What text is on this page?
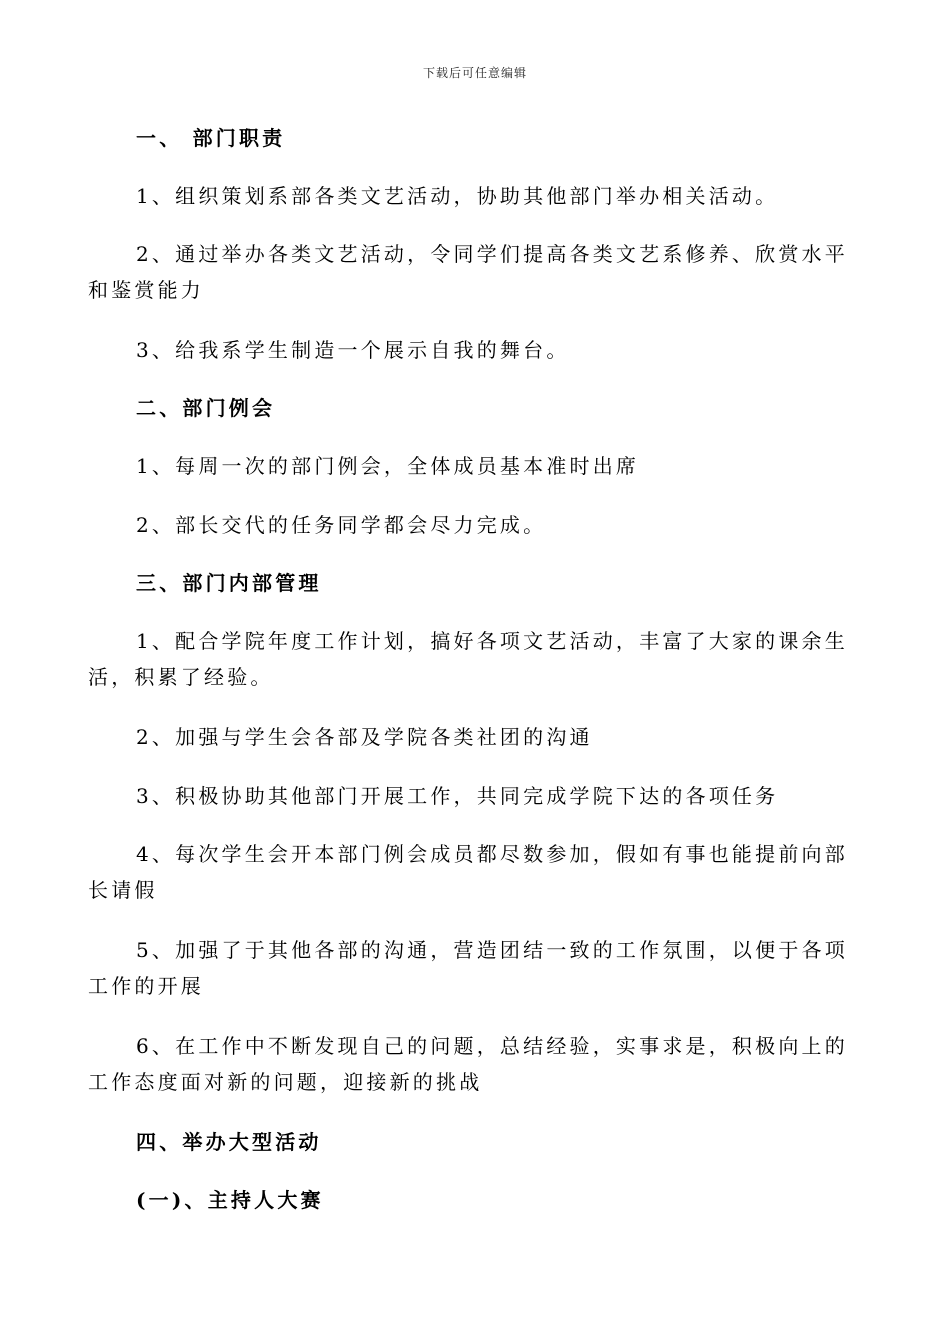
下载后可任意编辑

一、 部门职责

1、组织策划系部各类文艺活动，协助其他部门举办相关活动。

2、通过举办各类文艺活动，令同学们提高各类文艺系修养、欣赏水平和鉴赏能力

3、给我系学生制造一个展示自我的舞台。

二、部门例会

1、每周一次的部门例会，全体成员基本准时出席

2、部长交代的任务同学都会尽力完成。

三、部门内部管理

1、配合学院年度工作计划，搞好各项文艺活动，丰富了大家的课余生活，积累了经验。

2、加强与学生会各部及学院各类社团的沟通

3、积极协助其他部门开展工作，共同完成学院下达的各项任务

4、每次学生会开本部门例会成员都尽数参加，假如有事也能提前向部长请假

5、加强了于其他各部的沟通，营造团结一致的工作氛围，以便于各项工作的开展

6、在工作中不断发现自己的问题，总结经验，实事求是，积极向上的工作态度面对新的问题，迎接新的挑战

四、举办大型活动

(一)、主持人大赛
